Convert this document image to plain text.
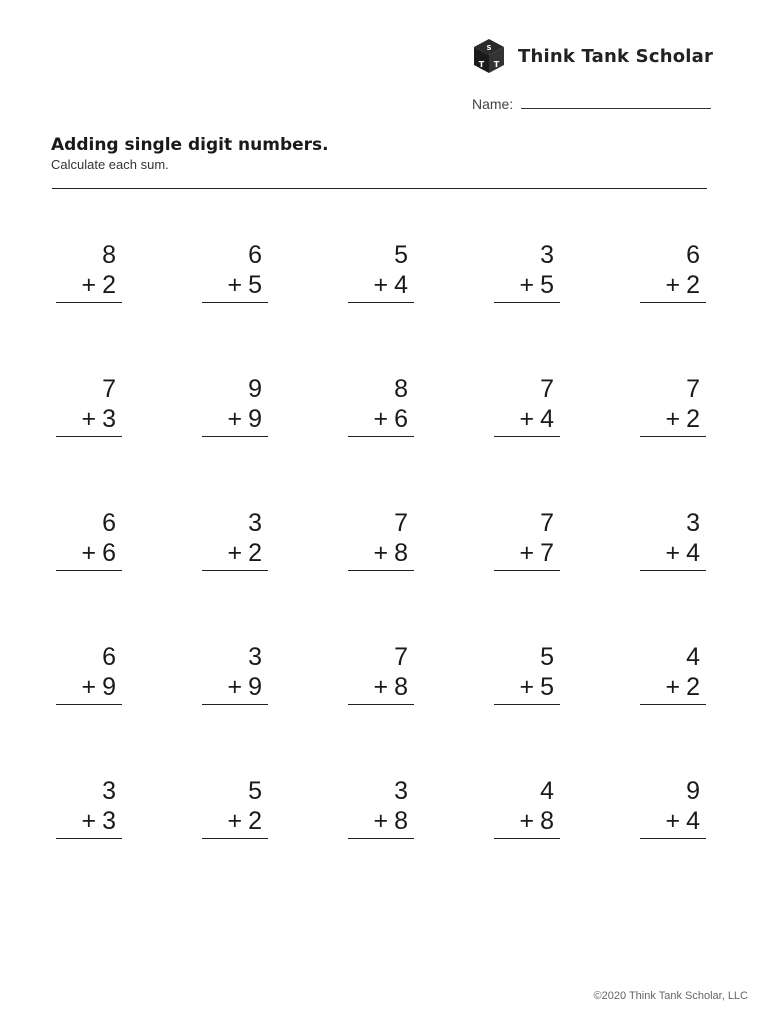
S
T T Think Tank Scholar
Name:
Adding single digit numbers.
Calculate each sum.
8
+ 2
6
+ 5
5
+ 4
3
+ 5
6
+ 2
7
+ 3
9
+ 9
8
+ 6
7
+ 4
7
+ 2
6
+ 6
3
+ 2
7
+ 8
7
+ 7
3
+ 4
6
+ 9
3
+ 9
7
+ 8
5
+ 5
4
+ 2
3
+ 3
5
+ 2
3
+ 8
4
+ 8
9
+ 4
©2020 Think Tank Scholar, LLC
